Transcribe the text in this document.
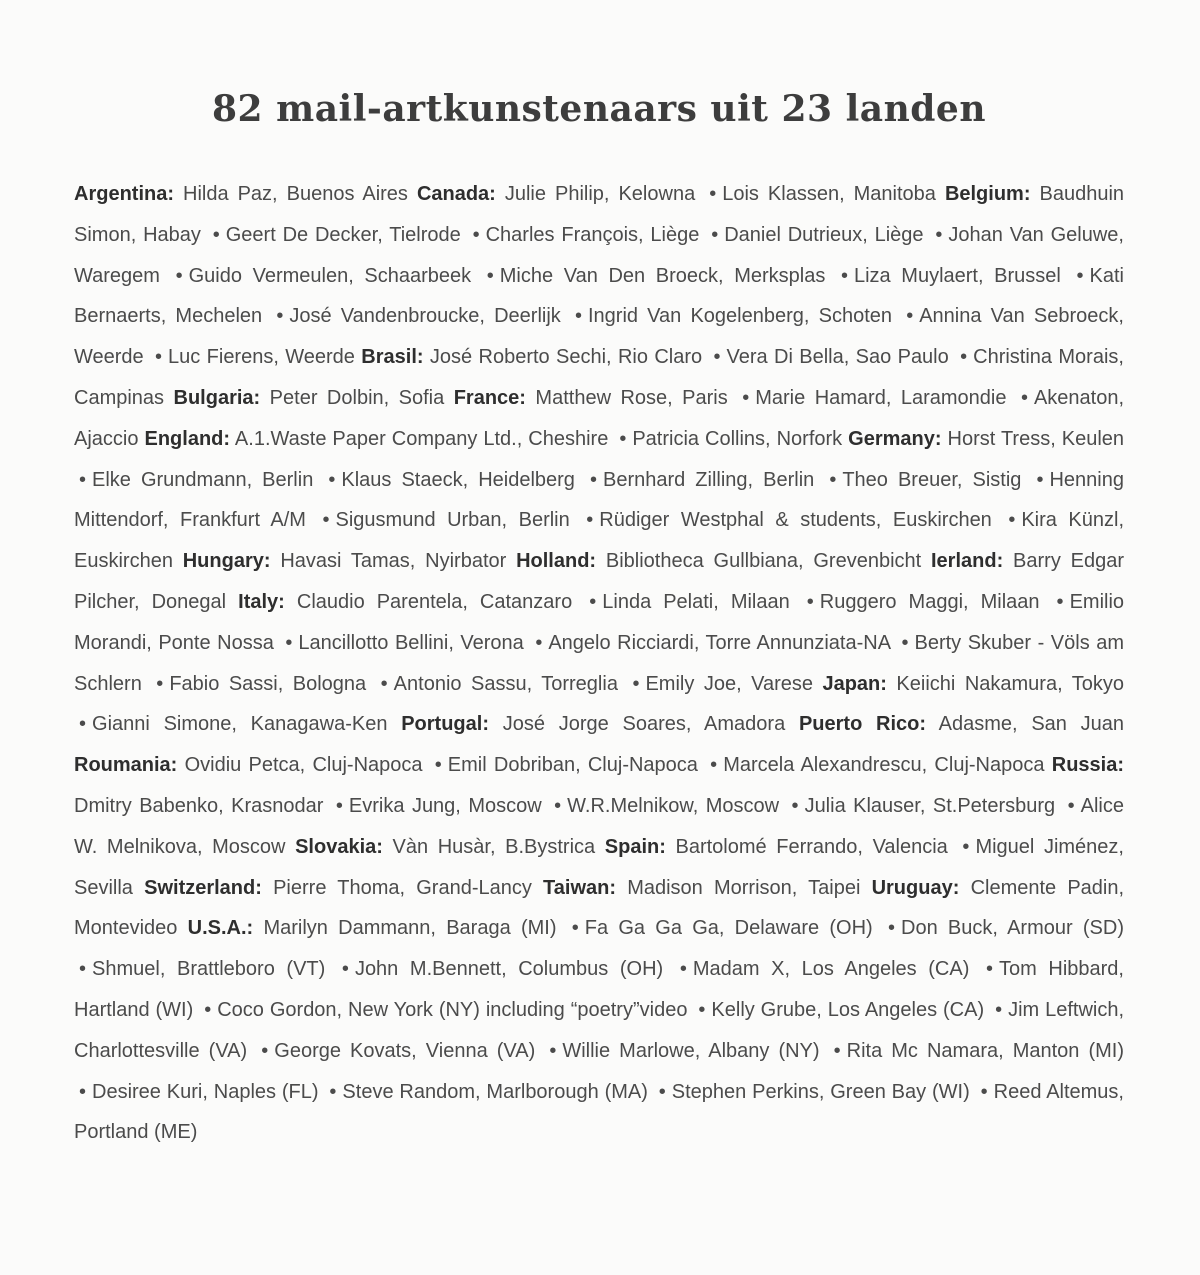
82 mail-artkunstenaars uit 23 landen
Argentina: Hilda Paz, Buenos Aires Canada: Julie Philip, Kelowna • Lois Klassen, Manitoba Belgium: Baudhuin Simon, Habay • Geert De Decker, Tielrode • Charles François, Liège • Daniel Dutrieux, Liège • Johan Van Geluwe, Waregem • Guido Vermeulen, Schaarbeek • Miche Van Den Broeck, Merksplas • Liza Muylaert, Brussel • Kati Bernaerts, Mechelen • José Vandenbroucke, Deerlijk • Ingrid Van Kogelenberg, Schoten • Annina Van Sebroeck, Weerde • Luc Fierens, Weerde Brasil: José Roberto Sechi, Rio Claro • Vera Di Bella, Sao Paulo • Christina Morais, Campinas Bulgaria: Peter Dolbin, Sofia France: Matthew Rose, Paris • Marie Hamard, Laramondie • Akenaton, Ajaccio England: A.1.Waste Paper Company Ltd., Cheshire • Patricia Collins, Norfork Germany: Horst Tress, Keulen • Elke Grundmann, Berlin • Klaus Staeck, Heidelberg • Bernhard Zilling, Berlin • Theo Breuer, Sistig • Henning Mittendorf, Frankfurt A/M • Sigusmund Urban, Berlin • Rüdiger Westphal & students, Euskirchen • Kira Künzl, Euskirchen Hungary: Havasi Tamas, Nyirbator Holland: Bibliotheca Gullbiana, Grevenbicht Ierland: Barry Edgar Pilcher, Donegal Italy: Claudio Parentela, Catanzaro • Linda Pelati, Milaan • Ruggero Maggi, Milaan • Emilio Morandi, Ponte Nossa • Lancillotto Bellini, Verona • Angelo Ricciardi, Torre Annunziata-NA • Berty Skuber - Völs am Schlern • Fabio Sassi, Bologna • Antonio Sassu, Torreglia • Emily Joe, Varese Japan: Keiichi Nakamura, Tokyo • Gianni Simone, Kanagawa-Ken Portugal: José Jorge Soares, Amadora Puerto Rico: Adasme, San Juan Roumania: Ovidiu Petca, Cluj-Napoca • Emil Dobriban, Cluj-Napoca • Marcela Alexandrescu, Cluj-Napoca Russia: Dmitry Babenko, Krasnodar • Evrika Jung, Moscow • W.R.Melnikow, Moscow • Julia Klauser, St.Petersburg • Alice W. Melnikova, Moscow Slovakia: Vàn Husàr, B.Bystrica Spain: Bartolomé Ferrando, Valencia • Miguel Jiménez, Sevilla Switzerland: Pierre Thoma, Grand-Lancy Taiwan: Madison Morrison, Taipei Uruguay: Clemente Padin, Montevideo U.S.A.: Marilyn Dammann, Baraga (MI) • Fa Ga Ga Ga, Delaware (OH) • Don Buck, Armour (SD) • Shmuel, Brattleboro (VT) • John M.Bennett, Columbus (OH) • Madam X, Los Angeles (CA) • Tom Hibbard, Hartland (WI) • Coco Gordon, New York (NY) including “poetry”video • Kelly Grube, Los Angeles (CA) • Jim Leftwich, Charlottesville (VA) • George Kovats, Vienna (VA) • Willie Marlowe, Albany (NY) • Rita Mc Namara, Manton (MI) • Desiree Kuri, Naples (FL) • Steve Random, Marlborough (MA) • Stephen Perkins, Green Bay (WI) • Reed Altemus, Portland (ME)
